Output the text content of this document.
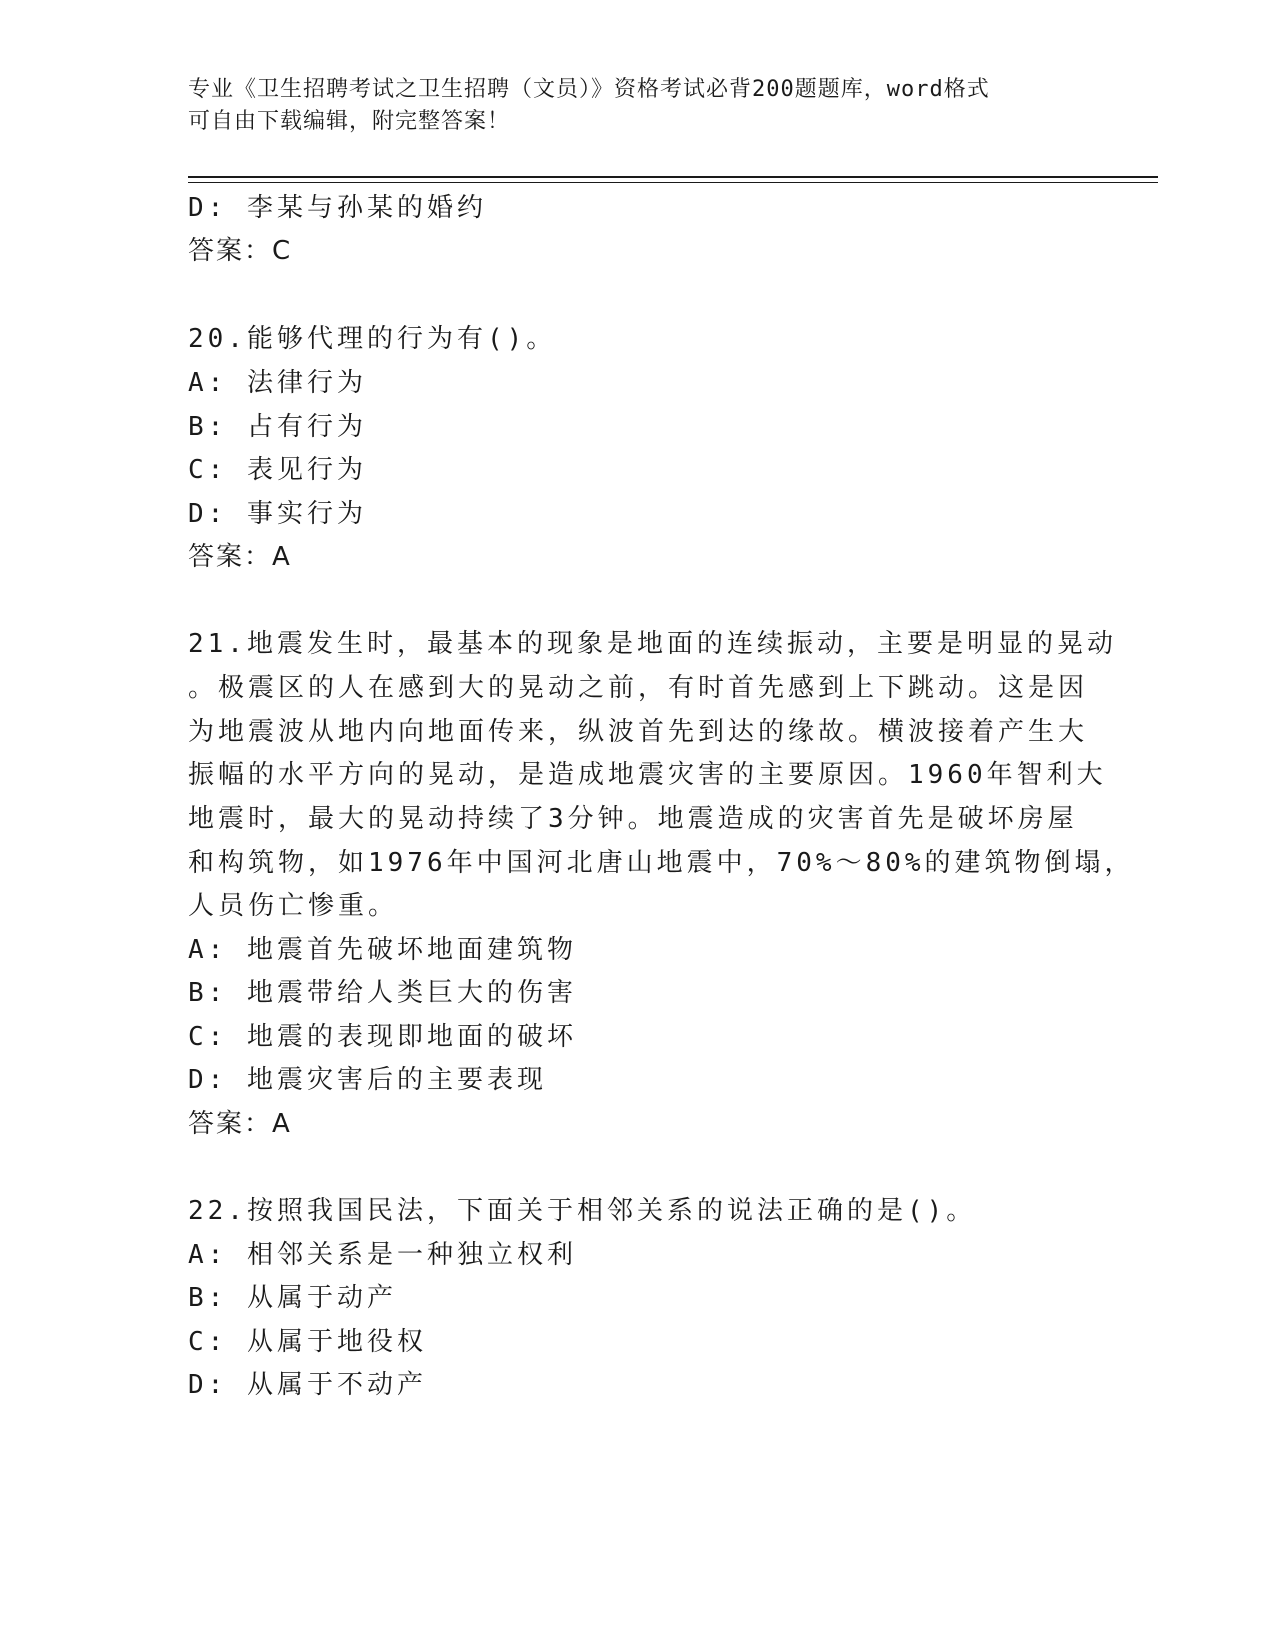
专业《卫生招聘考试之卫生招聘（文员）》资格考试必背200题题库，word格式
可自由下载编辑，附完整答案！
D: 李某与孙某的婚约
答案：C
20.能够代理的行为有()。
A: 法律行为
B: 占有行为
C: 表见行为
D: 事实行为
答案：A
21.地震发生时，最基本的现象是地面的连续振动，主要是明显的晃动
。极震区的人在感到大的晃动之前，有时首先感到上下跳动。这是因
为地震波从地内向地面传来，纵波首先到达的缘故。横波接着产生大
振幅的水平方向的晃动，是造成地震灾害的主要原因。1960年智利大
地震时，最大的晃动持续了3分钟。地震造成的灾害首先是破坏房屋
和构筑物，如1976年中国河北唐山地震中，70%～80%的建筑物倒塌，
人员伤亡惨重。
A: 地震首先破坏地面建筑物
B: 地震带给人类巨大的伤害
C: 地震的表现即地面的破坏
D: 地震灾害后的主要表现
答案：A
22.按照我国民法，下面关于相邻关系的说法正确的是()。
A: 相邻关系是一种独立权利
B: 从属于动产
C: 从属于地役权
D: 从属于不动产
